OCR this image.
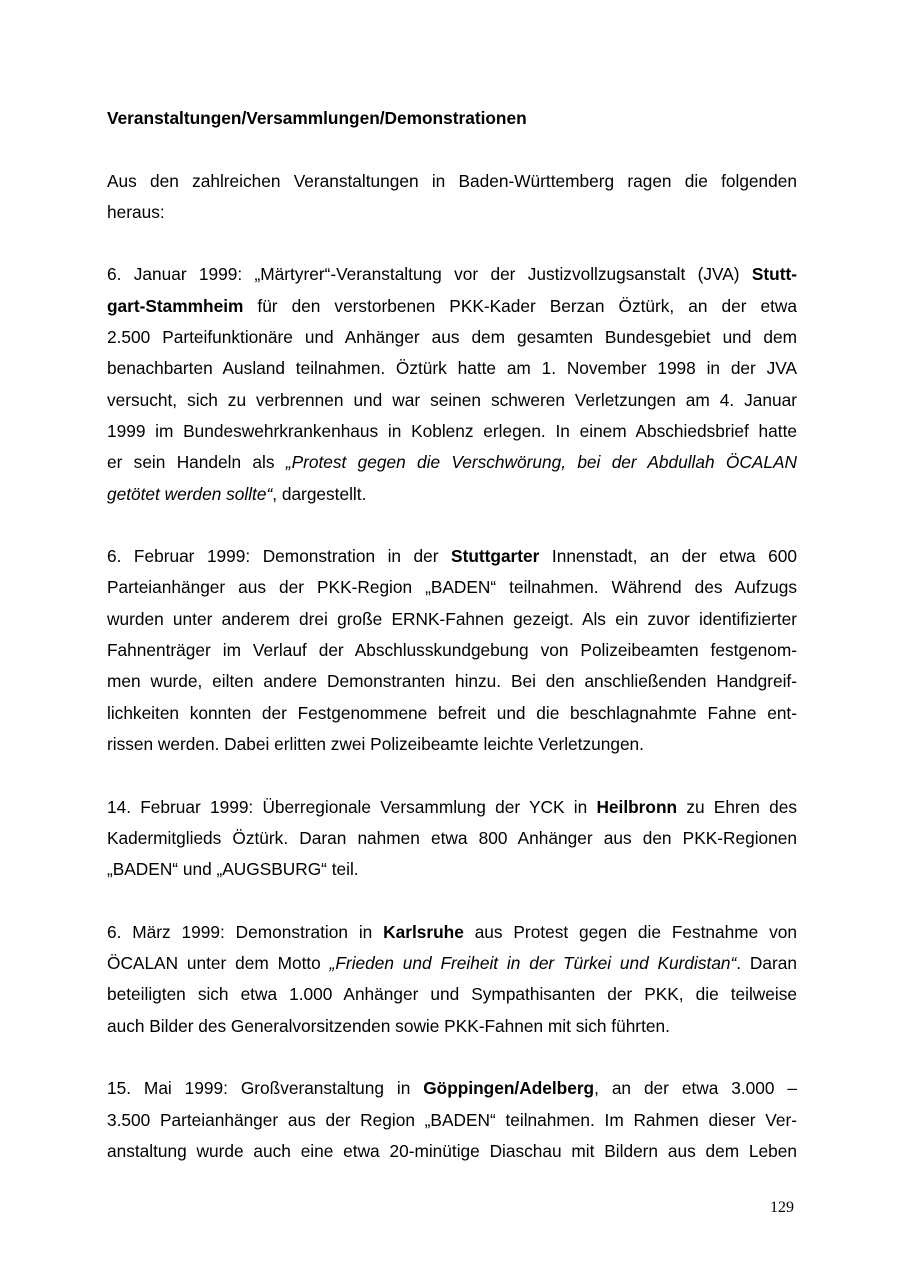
Veranstaltungen/Versammlungen/Demonstrationen
Aus den zahlreichen Veranstaltungen in Baden-Württemberg ragen die folgenden
heraus:
6. Januar 1999: „Märtyrer“-Veranstaltung vor der Justizvollzugsanstalt (JVA) Stutt-
gart-Stammheim für den verstorbenen PKK-Kader Berzan Öztürk, an der etwa
2.500 Parteifunktionäre und Anhänger aus dem gesamten Bundesgebiet und dem
benachbarten Ausland teilnahmen. Öztürk hatte am 1. November 1998 in der JVA
versucht, sich zu verbrennen und war seinen schweren Verletzungen am 4. Januar
1999 im Bundeswehrkrankenhaus in Koblenz erlegen. In einem Abschiedsbrief hatte
er sein Handeln als „Protest gegen die Verschwörung, bei der Abdullah ÖCALAN
getötet werden sollte“, dargestellt.
6. Februar 1999: Demonstration in der Stuttgarter Innenstadt, an der etwa 600
Parteianhänger aus der PKK-Region „BADEN“ teilnahmen. Während des Aufzugs
wurden unter anderem drei große ERNK-Fahnen gezeigt. Als ein zuvor identifizierter
Fahnenträger im Verlauf der Abschlusskundgebung von Polizeibeamten festgenom-
men wurde, eilten andere Demonstranten hinzu. Bei den anschließenden Handgreif-
lichkeiten konnten der Festgenommene befreit und die beschlagnahmte Fahne ent-
rissen werden. Dabei erlitten zwei Polizeibeamte leichte Verletzungen.
14. Februar 1999: Überregionale Versammlung der YCK in Heilbronn zu Ehren des
Kadermitglieds Öztürk. Daran nahmen etwa 800 Anhänger aus den PKK-Regionen
„BADEN“ und „AUGSBURG“ teil.
6. März 1999: Demonstration in Karlsruhe aus Protest gegen die Festnahme von
ÖCALAN unter dem Motto „Frieden und Freiheit in der Türkei und Kurdistan“. Daran
beteiligten sich etwa 1.000 Anhänger und Sympathisanten der PKK, die teilweise
auch Bilder des Generalvorsitzenden sowie PKK-Fahnen mit sich führten.
15. Mai 1999: Großveranstaltung in Göppingen/Adelberg, an der etwa 3.000 –
3.500 Parteianhänger aus der Region „BADEN“ teilnahmen. Im Rahmen dieser Ver-
anstaltung wurde auch eine etwa 20-minütige Diaschau mit Bildern aus dem Leben
129
